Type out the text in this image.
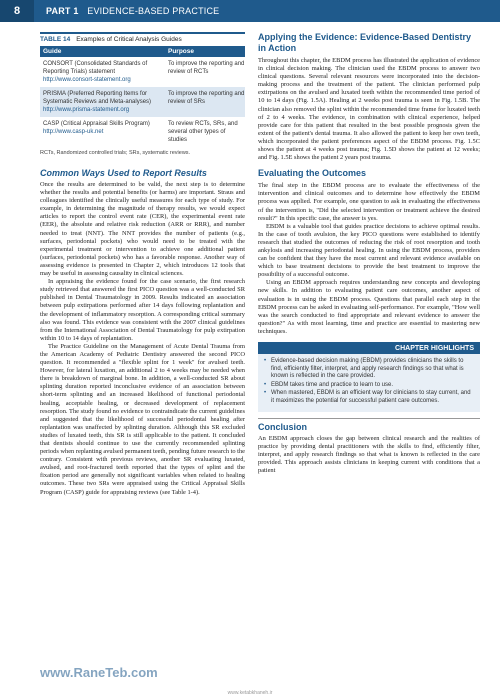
8	PART 1 EVIDENCE-BASED PRACTICE
TABLE 14 Examples of Critical Analysis Guides
Guide	Purpose
CONSORT (Consolidated Standards of Reporting Trials) statement
http://www.consort-statement.org
To improve the reporting and review of RCTs
PRISMA (Preferred Reporting Items for Systematic Reviews and Meta-analyses)
http://www.prisma-statement.org
To improve the reporting and review of SRs
CASP (Critical Appraisal Skills Program)
http://www.casp-uk.net
To review RCTs, SRs, and several other types of studies
RCTs, Randomized controlled trials; SRs, systematic reviews.
Common Ways Used to Report Results

Once the results are determined to be valid, the next step is to determine whether the results and potential benefits (or harms) are important. Straus and colleagues identified the clinically useful measures for each type of study. For example, in determining the magnitude of therapy results, we would expect articles to report the control event rate (CER), the experimental event rate (EER), the absolute and relative risk reduction (ARR or RRR), and number needed to treat (NNT). The NNT provides the number of patients (e.g., surfaces, periodontal pockets) who would need to be treated with the experimental treatment or intervention to achieve one additional patient (surfaces, periodontal pockets) who has a favorable response. Another way of assessing evidence is presented in Chapter 2, which introduces 12 tools that may be useful in assessing causality in clinical sciences.

In appraising the evidence found for the case scenario, the first research study retrieved that answered the first PICO question was a well-conducted SR published in Dental Traumatology in 2009. Results indicated an association between pulp extirpations performed after 14 days following replantation and the development of inflammatory resorption. A corresponding critical summary also was found. This evidence was consistent with the 2007 clinical guidelines from the International Association of Dental Traumatology for pulp extirpation within 10 to 14 days of replantation.

The Practice Guideline on the Management of Acute Dental Trauma from the American Academy of Pediatric Dentistry answered the second PICO question. It recommended a "flexible splint for 1 week" for avulsed teeth. However, for lateral luxation, an additional 2 to 4 weeks may be needed when there is breakdown of marginal bone. In addition, a well-conducted SR about splinting duration reported inconclusive evidence of an association between short-term splinting and an increased likelihood of functional periodontal healing, acceptable healing, or decreased development of replacement resorption. The study found no evidence to contraindicate the current guidelines and suggested that the likelihood of successful periodontal healing after replantation was unaffected by splinting duration. Although this SR excluded studies of luxated teeth, this SR is still applicable to the patient. It concluded that dentists should continue to use the currently recommended splinting periods when replanting avulsed permanent teeth, pending future research to the contrary. Consistent with previous reviews, another SR evaluating luxated, avulsed, and root-fractured teeth reported that the types of splint and the fixation period are generally not significant variables when related to healing outcomes. These two SRs were appraised using the Critical Appraisal Skills Program (CASP) guide for appraising reviews (see Table 1-4).

Applying the Evidence: Evidence-Based Dentistry in Action

Throughout this chapter, the EBDM process has illustrated the application of evidence in clinical decision making. The clinician used the EBDM process to answer two clinical questions. Several relevant resources were incorporated into the decision-making process and the treatment of the patient. The clinician performed pulp extirpations on the avulsed and luxated teeth within the recommended time period of 10 to 14 days (Fig. 1.5A). Healing at 2 weeks post trauma is seen in Fig. 1.5B. The clinician also removed the splint within the recommended time frame for luxated teeth of 2 to 4 weeks. The evidence, in combination with clinical experience, helped provide care for this patient that resulted in the best possible prognosis given the extent of the patient's dental trauma. It also allowed the patient to keep her own teeth, which incorporated the patient preferences aspect of the EBDM process. Fig. 1.5C shows the patient at 4 weeks post trauma; Fig. 1.5D shows the patient at 12 weeks; and Fig. 1.5E shows the patient 2 years post trauma.

Evaluating the Outcomes

The final step in the EBDM process are to evaluate the effectiveness of the intervention and clinical outcomes and to determine how effectively the EBDM process was applied. For example, one question to ask in evaluating the effectiveness of the intervention is, "Did the selected intervention or treatment achieve the desired result?" In this specific case, the answer is yes.

EBDM is a valuable tool that guides practice decisions to achieve optimal results. In the case of tooth avulsion, the key PICO questions were established to identify research that studied the outcomes of reducing the risk of root resorption and tooth ankylosis and increasing periodontal healing. In using the EBDM process, providers can be confident that they have the most current and relevant evidence available on which to base treatment decisions to provide the best treatment to improve the possibility of a successful outcome.

Using an EBDM approach requires understanding new concepts and developing new skills. In addition to evaluating patient care outcomes, another aspect of evaluation is in using the EBDM process. Questions that parallel each step in the EBDM process can be asked in evaluating self-performance. For example, "How well was the search conducted to find appropriate and relevant evidence to answer the question?" As with most learning, time and practice are essential to mastering new techniques.

CHAPTER HIGHLIGHTS
• Evidence-based decision making (EBDM) provides clinicians the skills to find, efficiently filter, interpret, and apply research findings so that what is known is reflected in the care provided.
• EBDM takes time and practice to learn to use.
• When mastered, EBDM is an efficient way for clinicians to stay current, and it maximizes the potential for successful patient care outcomes.
Conclusion

An EBDM approach closes the gap between clinical research and the realities of practice by providing dental practitioners with the skills to find, efficiently filter, interpret, and apply research findings so that what is known is reflected in the care provided. This approach assists clinicians in keeping current with conditions that a patient

www.RaneTeb.com
www.ketabkhaneh.ir
